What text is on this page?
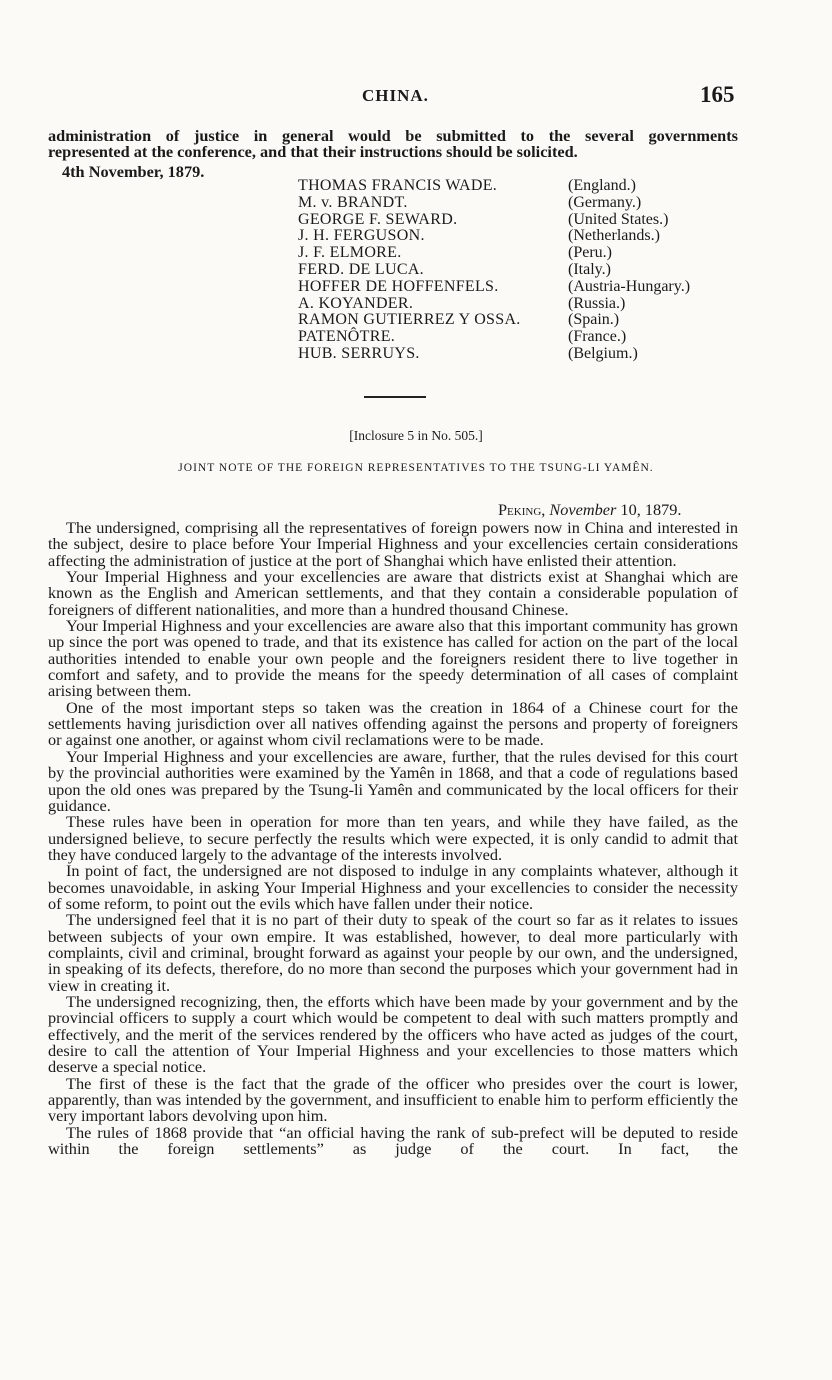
CHINA.	165
administration of justice in general would be submitted to the several governments
represented at the conference, and that their instructions should be solicited.
4th November, 1879.
THOMAS FRANCIS WADE.	(England.)
M. v. BRANDT.	(Germany.)
GEORGE F. SEWARD.	(United States.)
J. H. FERGUSON.	(Netherlands.)
J. F. ELMORE.	(Peru.)
FERD. DE LUCA.	(Italy.)
HOFFER DE HOFFENFELS.	(Austria-Hungary.)
A. KOYANDER.	(Russia.)
RAMON GUTIERREZ Y OSSA.	(Spain.)
PATENÔTRE.	(France.)
HUB. SERRUYS.	(Belgium.)
[Inclosure 5 in No. 505.]
JOINT NOTE OF THE FOREIGN REPRESENTATIVES TO THE TSUNG-LI YAMÊN.
Peking, November 10, 1879.

The undersigned, comprising all the representatives of foreign powers now in China and interested in the subject, desire to place before Your Imperial Highness and your excellencies certain considerations affecting the administration of justice at the port of Shanghai which have enlisted their attention.

Your Imperial Highness and your excellencies are aware that districts exist at Shanghai which are known as the English and American settlements, and that they contain a considerable population of foreigners of different nationalities, and more than a hundred thousand Chinese.

Your Imperial Highness and your excellencies are aware also that this important community has grown up since the port was opened to trade, and that its existence has called for action on the part of the local authorities intended to enable your own people and the foreigners resident there to live together in comfort and safety, and to provide the means for the speedy determination of all cases of complaint arising between them.

One of the most important steps so taken was the creation in 1864 of a Chinese court for the settlements having jurisdiction over all natives offending against the persons and property of foreigners or against one another, or against whom civil reclamations were to be made.

Your Imperial Highness and your excellencies are aware, further, that the rules devised for this court by the provincial authorities were examined by the Yamên in 1868, and that a code of regulations based upon the old ones was prepared by the Tsung-li Yamên and communicated by the local officers for their guidance.

These rules have been in operation for more than ten years, and while they have failed, as the undersigned believe, to secure perfectly the results which were expected, it is only candid to admit that they have conduced largely to the advantage of the interests involved.

In point of fact, the undersigned are not disposed to indulge in any complaints whatever, although it becomes unavoidable, in asking Your Imperial Highness and your excellencies to consider the necessity of some reform, to point out the evils which have fallen under their notice.

The undersigned feel that it is no part of their duty to speak of the court so far as it relates to issues between subjects of your own empire. It was established, however, to deal more particularly with complaints, civil and criminal, brought forward as against your people by our own, and the undersigned, in speaking of its defects, therefore, do no more than second the purposes which your government had in view in creating it.

The undersigned recognizing, then, the efforts which have been made by your government and by the provincial officers to supply a court which would be competent to deal with such matters promptly and effectively, and the merit of the services rendered by the officers who have acted as judges of the court, desire to call the attention of Your Imperial Highness and your excellencies to those matters which deserve a special notice.

The first of these is the fact that the grade of the officer who presides over the court is lower, apparently, than was intended by the government, and insufficient to enable him to perform efficiently the very important labors devolving upon him.

The rules of 1868 provide that “an official having the rank of sub-prefect will be deputed to reside within the foreign settlements” as judge of the court. In fact, the
